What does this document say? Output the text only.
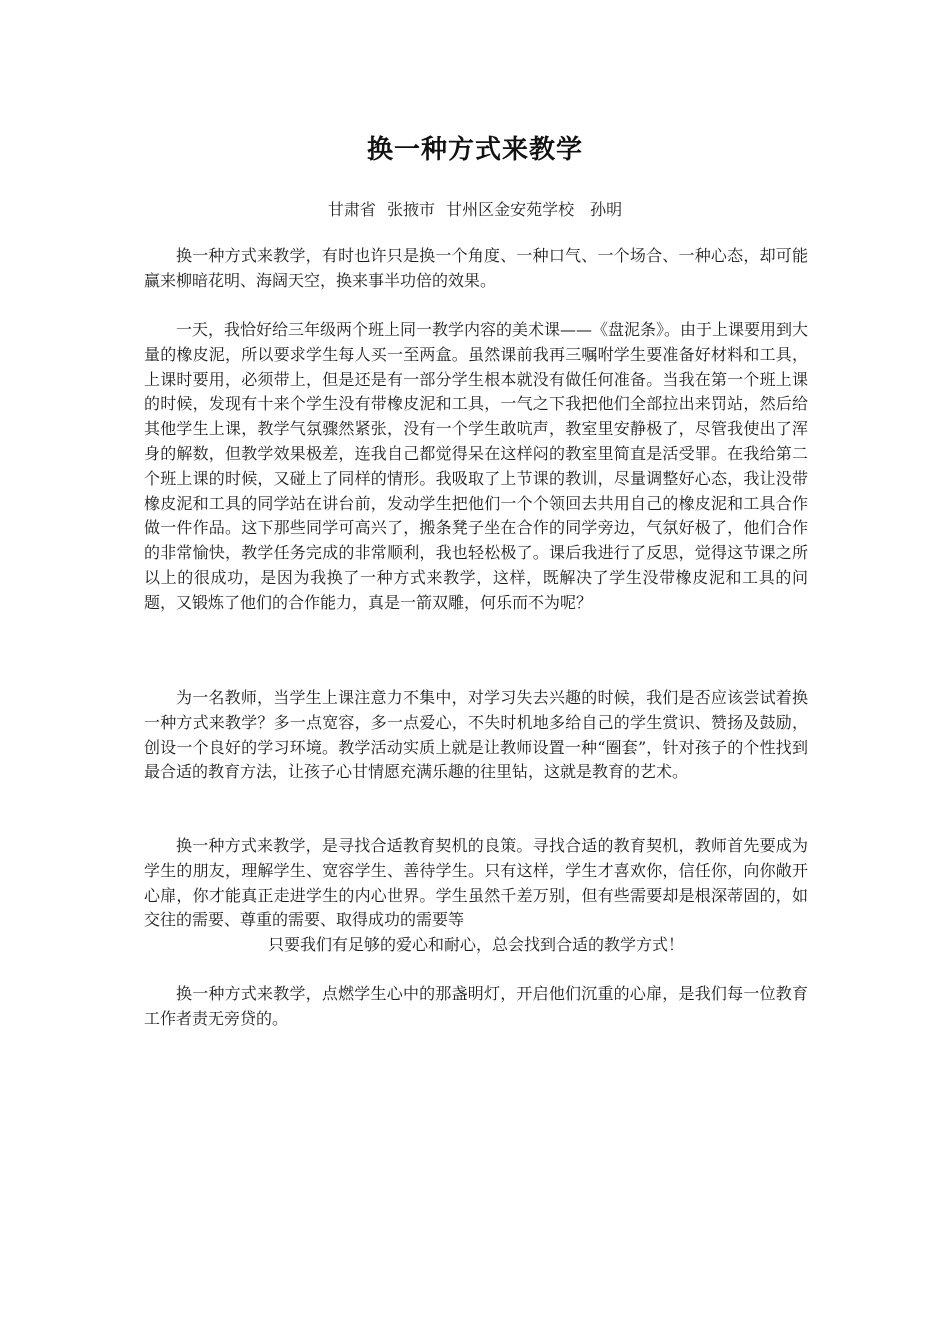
换一种方式来教学
甘肃省 张掖市 甘州区金安苑学校　孙明

换一种方式来教学，有时也许只是换一个角度、一种口气、一个场合、一种心态，却可能赢来柳暗花明、海阔天空，换来事半功倍的效果。

一天，我恰好给三年级两个班上同一教学内容的美术课——《盘泥条》。由于上课要用到大量的橡皮泥，所以要求学生每人买一至两盒。虽然课前我再三嘱咐学生要准备好材料和工具，上课时要用，必须带上，但是还是有一部分学生根本就没有做任何准备。当我在第一个班上课的时候，发现有十来个学生没有带橡皮泥和工具，一气之下我把他们全部拉出来罚站，然后给其他学生上课，教学气氛骤然紧张，没有一个学生敢吭声，教室里安静极了，尽管我使出了浑身的解数，但教学效果极差，连我自己都觉得呆在这样闷的教室里简直是活受罪。在我给第二个班上课的时候，又碰上了同样的情形。我吸取了上节课的教训，尽量调整好心态，我让没带橡皮泥和工具的同学站在讲台前，发动学生把他们一个个领回去共用自己的橡皮泥和工具合作做一件作品。这下那些同学可高兴了，搬条凳子坐在合作的同学旁边，气氛好极了，他们合作的非常愉快，教学任务完成的非常顺利，我也轻松极了。课后我进行了反思，觉得这节课之所以上的很成功，是因为我换了一种方式来教学，这样，既解决了学生没带橡皮泥和工具的问题，又锻炼了他们的合作能力，真是一箭双雕，何乐而不为呢？

为一名教师，当学生上课注意力不集中，对学习失去兴趣的时候，我们是否应该尝试着换一种方式来教学？多一点宽容，多一点爱心，不失时机地多给自己的学生赏识、赞扬及鼓励，创设一个良好的学习环境。教学活动实质上就是让教师设置一种“圈套”，针对孩子的个性找到最合适的教育方法，让孩子心甘情愿充满乐趣的往里钻，这就是教育的艺术。

换一种方式来教学，是寻找合适教育契机的良策。寻找合适的教育契机，教师首先要成为学生的朋友，理解学生、宽容学生、善待学生。只有这样，学生才喜欢你，信任你，向你敞开心扉，你才能真正走进学生的内心世界。学生虽然千差万别，但有些需要却是根深蒂固的，如交往的需要、尊重的需要、取得成功的需要等

只要我们有足够的爱心和耐心，总会找到合适的教学方式！

换一种方式来教学，点燃学生心中的那盏明灯，开启他们沉重的心扉，是我们每一位教育工作者责无旁贷的。
